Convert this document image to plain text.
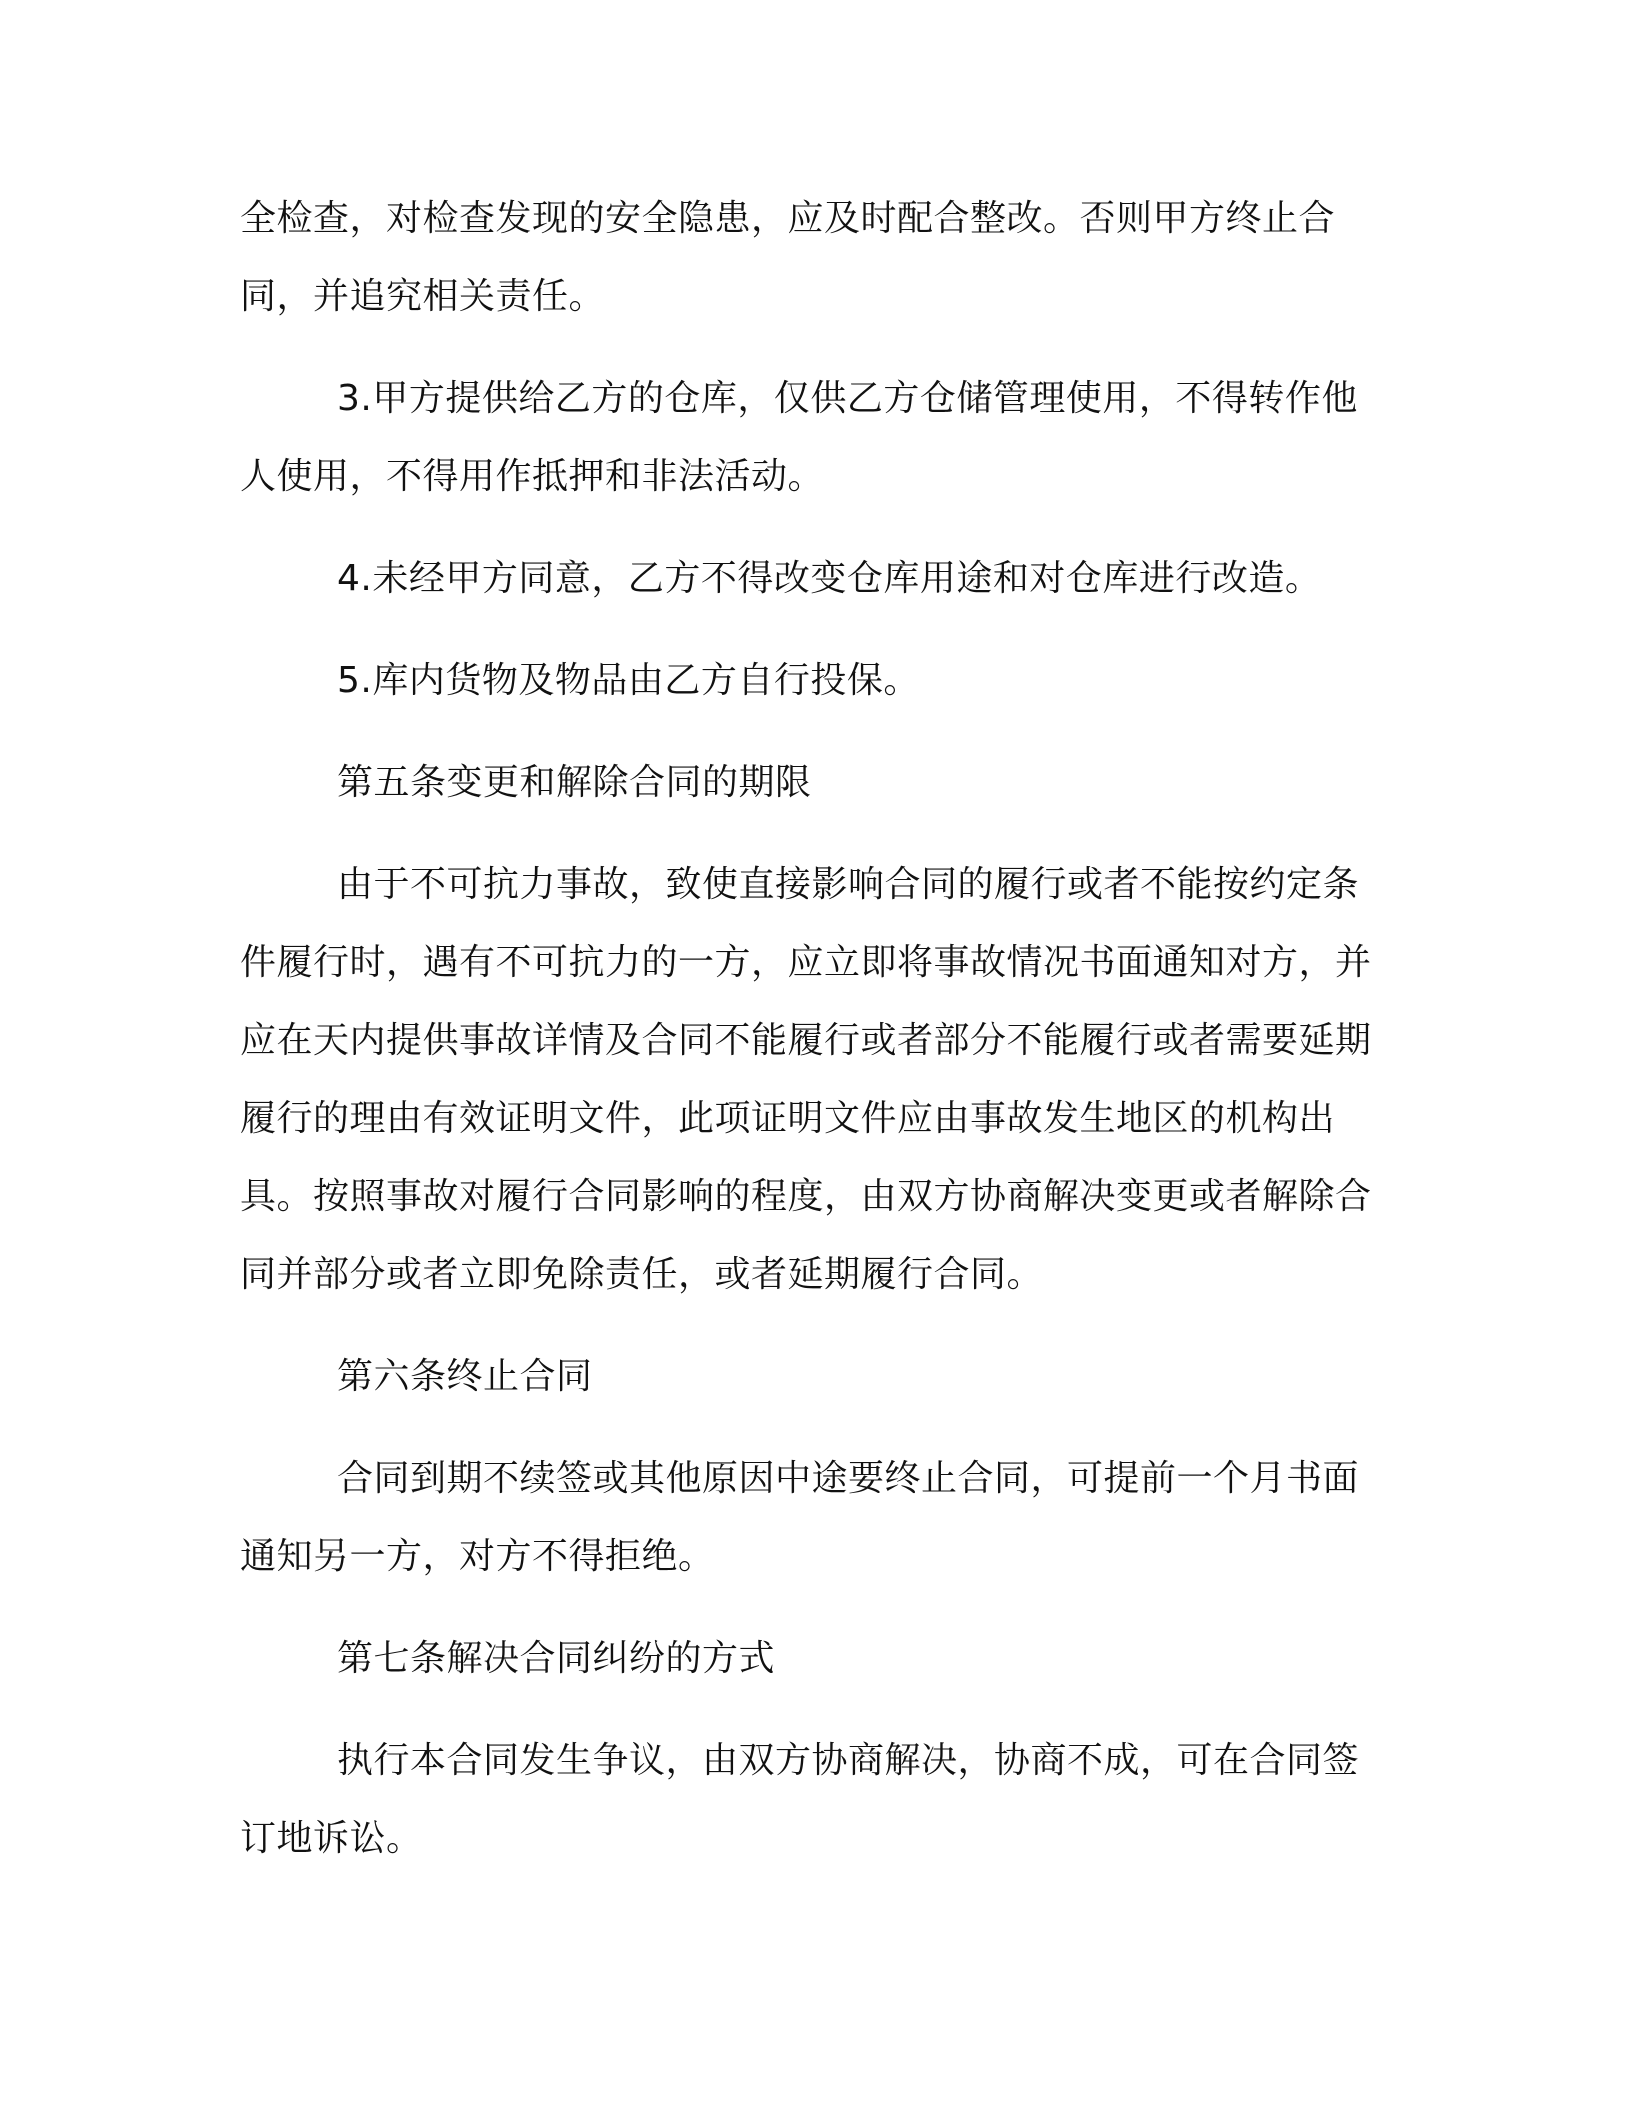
全检查，对检查发现的安全隐患，应及时配合整改。否则甲方终止合同，并追究相关责任。

3.甲方提供给乙方的仓库，仅供乙方仓储管理使用，不得转作他人使用，不得用作抵押和非法活动。

4.未经甲方同意，乙方不得改变仓库用途和对仓库进行改造。

5.库内货物及物品由乙方自行投保。

第五条变更和解除合同的期限

由于不可抗力事故，致使直接影响合同的履行或者不能按约定条件履行时，遇有不可抗力的一方，应立即将事故情况书面通知对方，并应在天内提供事故详情及合同不能履行或者部分不能履行或者需要延期履行的理由有效证明文件，此项证明文件应由事故发生地区的机构出具。按照事故对履行合同影响的程度，由双方协商解决变更或者解除合同并部分或者立即免除责任，或者延期履行合同。

第六条终止合同

合同到期不续签或其他原因中途要终止合同，可提前一个月书面通知另一方，对方不得拒绝。

第七条解决合同纠纷的方式

执行本合同发生争议，由双方协商解决，协商不成，可在合同签订地诉讼。
